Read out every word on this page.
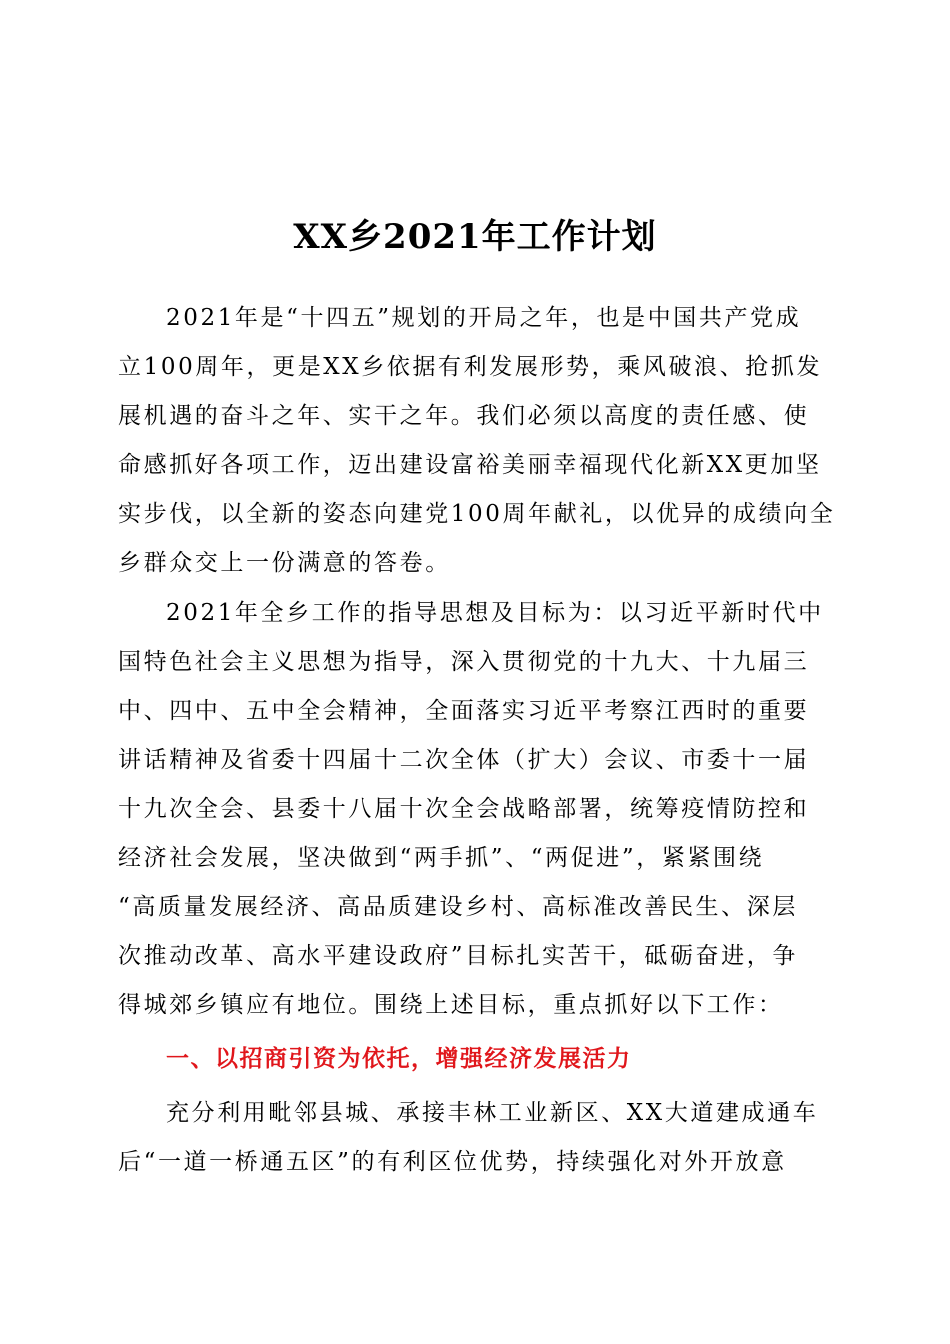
XX乡2021年工作计划
2021年是“十四五”规划的开局之年，也是中国共产党成
立100周年，更是XX乡依据有利发展形势，乘风破浪、抢抓发
展机遇的奋斗之年、实干之年。我们必须以高度的责任感、使
命感抓好各项工作，迈出建设富裕美丽幸福现代化新XX更加坚
实步伐，以全新的姿态向建党100周年献礼，以优异的成绩向全
乡群众交上一份满意的答卷。
2021年全乡工作的指导思想及目标为：以习近平新时代中
国特色社会主义思想为指导，深入贯彻党的十九大、十九届三
中、四中、五中全会精神，全面落实习近平考察江西时的重要
讲话精神及省委十四届十二次全体（扩大）会议、市委十一届
十九次全会、县委十八届十次全会战略部署，统筹疫情防控和
经济社会发展，坚决做到“两手抓”、“两促进”，紧紧围绕
“高质量发展经济、高品质建设乡村、高标准改善民生、深层
次推动改革、高水平建设政府”目标扎实苦干，砥砺奋进，争
得城郊乡镇应有地位。围绕上述目标，重点抓好以下工作：
一、以招商引资为依托，增强经济发展活力
充分利用毗邻县城、承接丰林工业新区、XX大道建成通车
后“一道一桥通五区”的有利区位优势，持续强化对外开放意
